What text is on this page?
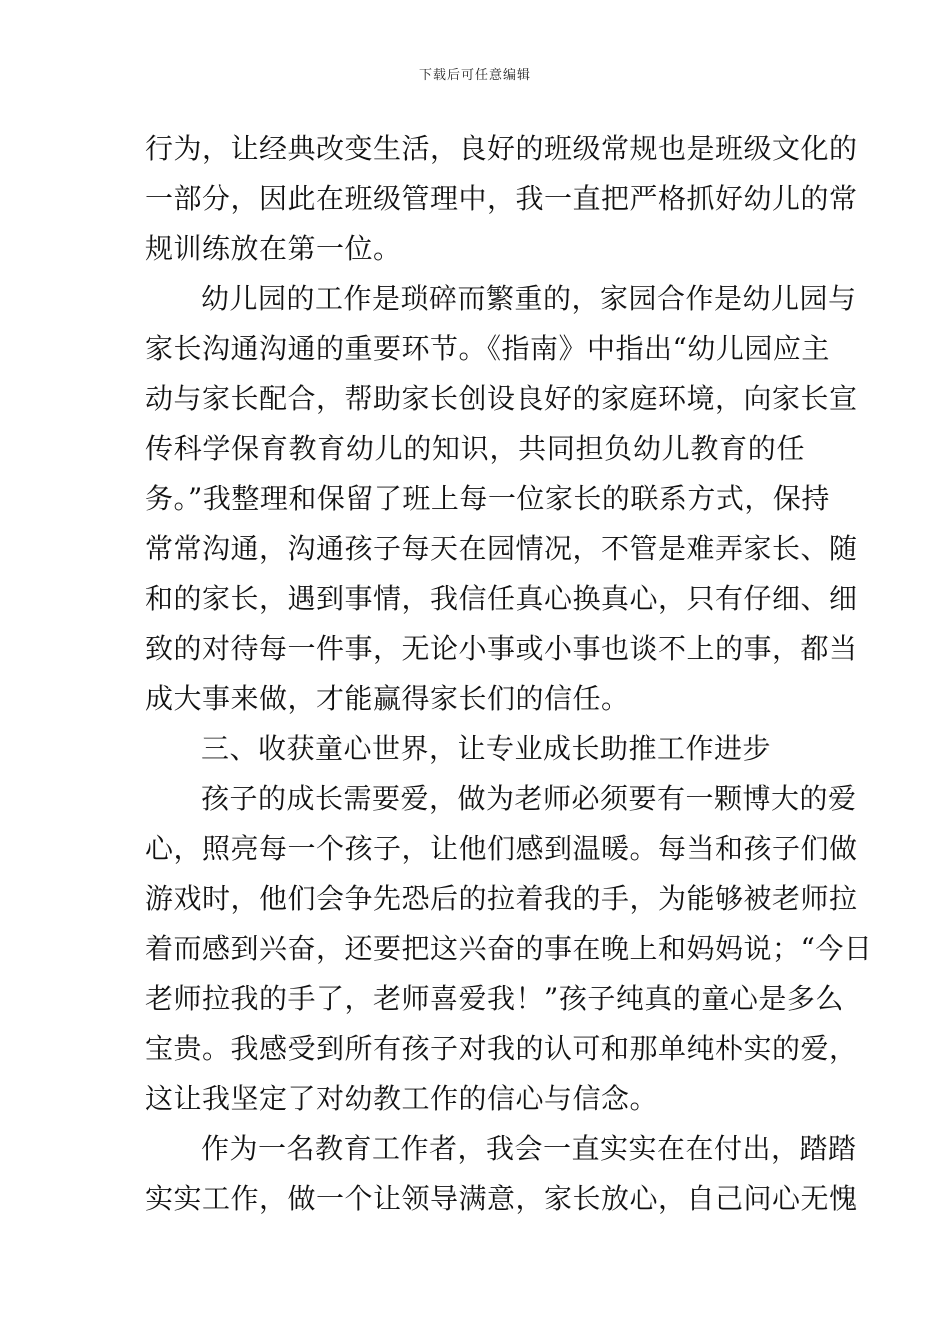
下载后可任意编辑
行为，让经典改变生活，良好的班级常规也是班级文化的
一部分，因此在班级管理中，我一直把严格抓好幼儿的常
规训练放在第一位。
幼儿园的工作是琐碎而繁重的，家园合作是幼儿园与
家长沟通沟通的重要环节。《指南》中指出“幼儿园应主
动与家长配合，帮助家长创设良好的家庭环境，向家长宣
传科学保育教育幼儿的知识，共同担负幼儿教育的任
务。”我整理和保留了班上每一位家长的联系方式，保持
常常沟通，沟通孩子每天在园情况，不管是难弄家长、随
和的家长，遇到事情，我信任真心换真心，只有仔细、细
致的对待每一件事，无论小事或小事也谈不上的事，都当
成大事来做，才能赢得家长们的信任。
三、收获童心世界，让专业成长助推工作进步
孩子的成长需要爱，做为老师必须要有一颗博大的爱
心，照亮每一个孩子，让他们感到温暖。每当和孩子们做
游戏时，他们会争先恐后的拉着我的手，为能够被老师拉
着而感到兴奋，还要把这兴奋的事在晚上和妈妈说；“今日
老师拉我的手了，老师喜爱我！”孩子纯真的童心是多么
宝贵。我感受到所有孩子对我的认可和那单纯朴实的爱，
这让我坚定了对幼教工作的信心与信念。
作为一名教育工作者，我会一直实实在在付出，踏踏
实实工作，做一个让领导满意，家长放心，自己问心无愧
